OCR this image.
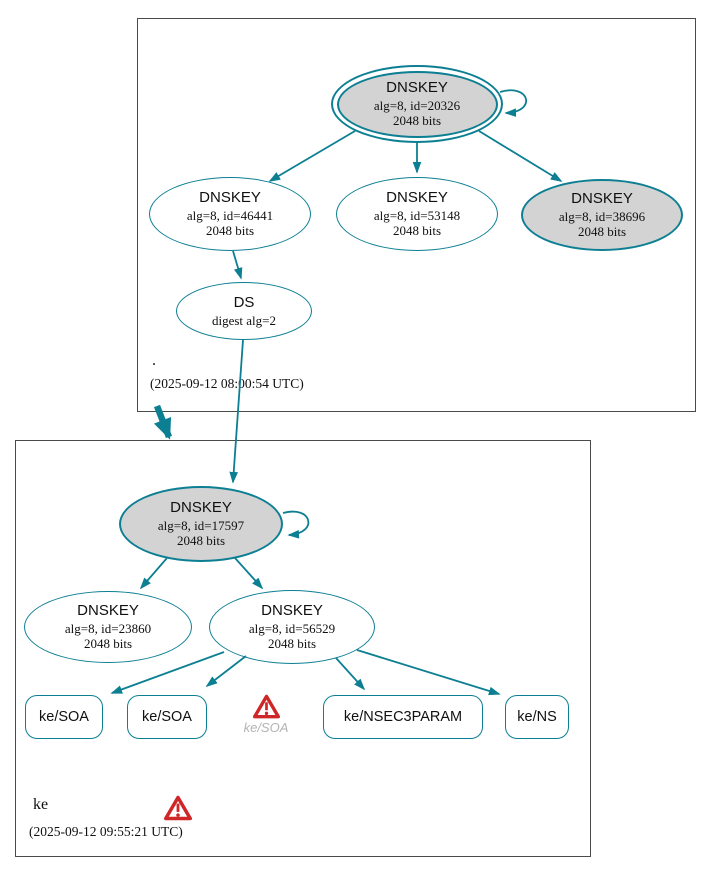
DNSKEY
alg=8, id=20326
2048 bits
DNSKEY
alg=8, id=46441
2048 bits
DNSKEY
alg=8, id=53148
2048 bits
DNSKEY
alg=8, id=38696
2048 bits
DS
digest alg=2
.
(2025-09-12 08:00:54 UTC)
DNSKEY
alg=8, id=17597
2048 bits
DNSKEY
alg=8, id=23860
2048 bits
DNSKEY
alg=8, id=56529
2048 bits
ke/SOA	ke/SOA
ke/SOA
ke/NSEC3PARAM	ke/NS
ke
(2025-09-12 09:55:21 UTC)
